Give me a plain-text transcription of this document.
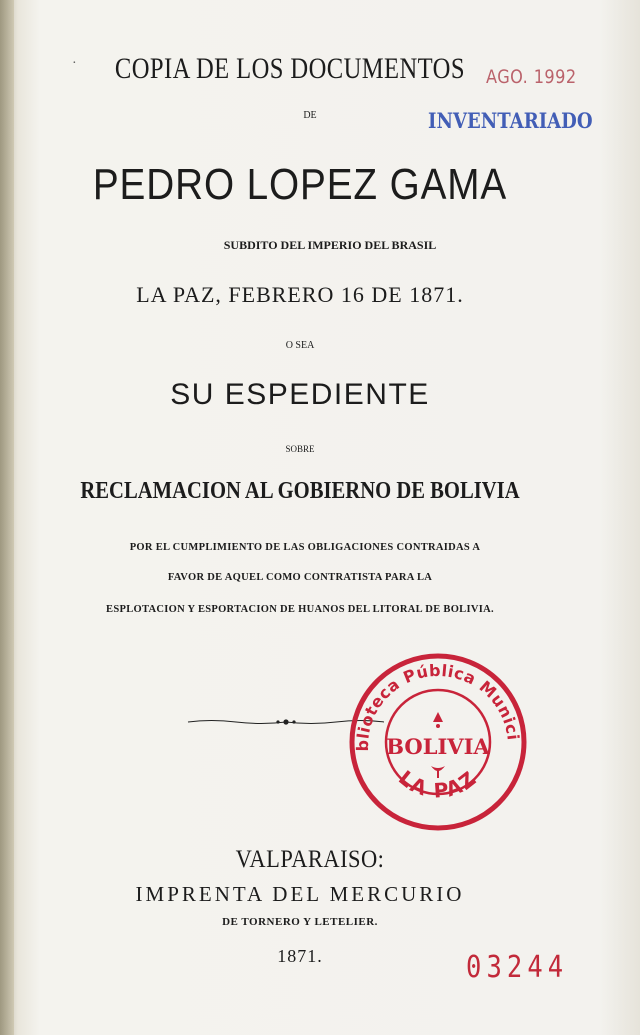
·	COPIA DE LOS DOCUMENTOS
DE
PEDRO LOPEZ GAMA
SUBDITO DEL IMPERIO DEL BRASIL
LA PAZ, FEBRERO 16 DE 1871.
O SEA
SU ESPEDIENTE
SOBRE
RECLAMACION AL GOBIERNO DE BOLIVIA
POR EL CUMPLIMIENTO DE LAS OBLIGACIONES CONTRAIDAS A
FAVOR DE AQUEL COMO CONTRATISTA PARA LA
ESPLOTACION Y ESPORTACION DE HUANOS DEL LITORAL DE BOLIVIA.
VALPARAISO:
IMPRENTA DEL MERCURIO
DE TORNERO Y LETELIER.
1871.
AGO. 1992
INVENTARIADO
03244
blioteca Pública Munici
BOLIVIA
LA PAZ
